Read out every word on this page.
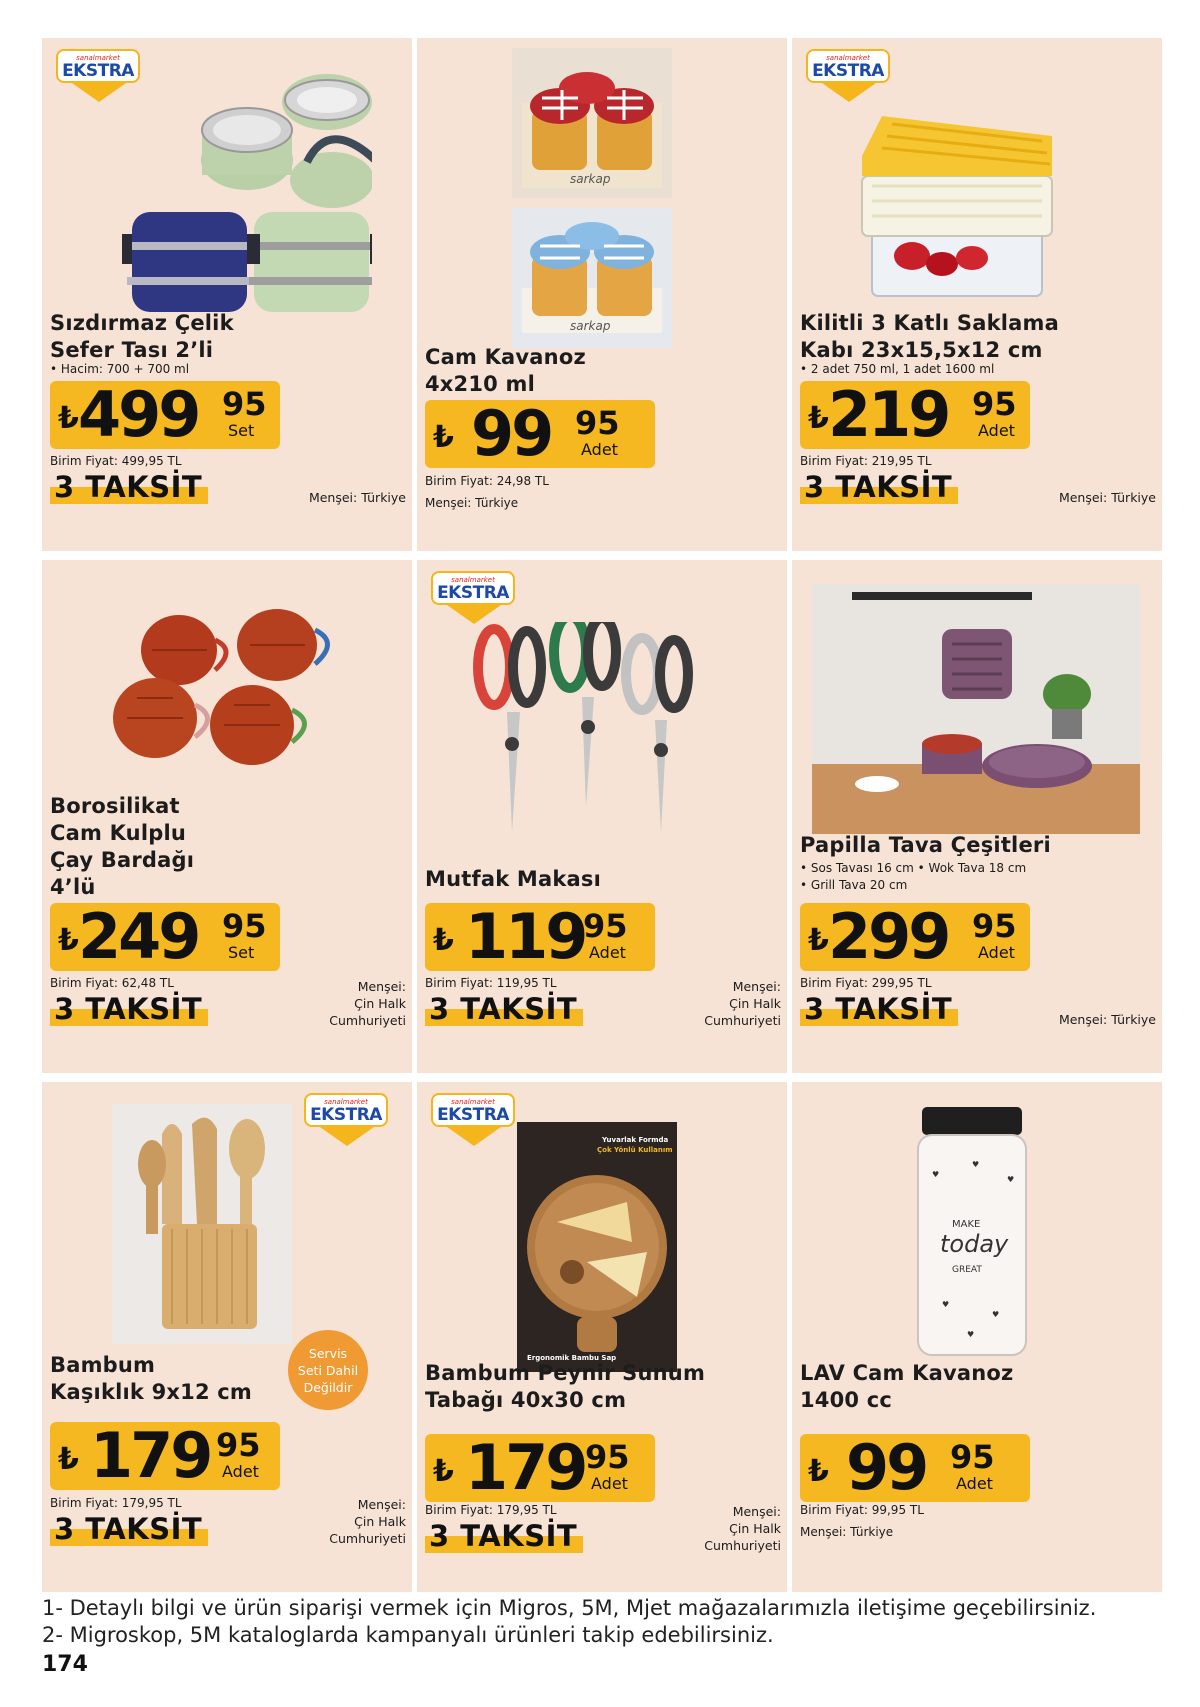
sanalmarket
EKSTRA
Sızdırmaz Çelik
Sefer Tası 2’li
• Hacim: 700 + 700 ml
₺ 499 95
Set
Birim Fiyat: 499,95 TL
3 TAKSİT	Menşei: Türkiye
sarkap
sarkap
Cam Kavanoz
4x210 ml
₺ 99 95
Adet
Birim Fiyat: 24,98 TL
Menşei: Türkiye
sanalmarket
EKSTRA
Kilitli 3 Katlı Saklama
Kabı 23x15,5x12 cm
• 2 adet 750 ml, 1 adet 1600 ml
₺ 219 95
Adet
Birim Fiyat: 219,95 TL
3 TAKSİT	Menşei: Türkiye
Borosilikat
Cam Kulplu
Çay Bardağı
4’lü
₺ 249 95
Set
Birim Fiyat: 62,48 TL
3 TAKSİT
Menşei:
Çin Halk
Cumhuriyeti
sanalmarket
EKSTRA
Mutfak Makası
₺ 119
95
Adet
Birim Fiyat: 119,95 TL
3 TAKSİT
Menşei:
Çin Halk
Cumhuriyeti
Papilla Tava Çeşitleri
• Sos Tavası 16 cm • Wok Tava 18 cm
• Grill Tava 20 cm
₺ 299 95
Adet
Birim Fiyat: 299,95 TL
3 TAKSİT	Menşei: Türkiye
sanalmarket
EKSTRA
Servis
Seti Dahil
Değildir
Bambum
Kaşıklık 9x12 cm
₺ 179 95
Adet
Birim Fiyat: 179,95 TL
3 TAKSİT
Menşei:
Çin Halk
Cumhuriyeti
sanalmarket
EKSTRA
Yuvarlak Formda
Çok Yönlü Kullanım
Ergonomik Bambu Sap
Bambum Peynir Sunum
Tabağı 40x30 cm
₺ 179 95
Adet
Birim Fiyat: 179,95 TL
3 TAKSİT
Menşei:
Çin Halk
Cumhuriyeti
MAKE
today
GREAT
♥
♥
♥
♥
♥
♥
LAV Cam Kavanoz
1400 cc
₺ 99 95
Adet
Birim Fiyat: 99,95 TL
Menşei: Türkiye
1- Detaylı bilgi ve ürün siparişi vermek için Migros, 5M, Mjet mağazalarımızla iletişime geçebilirsiniz.
2- Migroskop, 5M kataloglarda kampanyalı ürünleri takip edebilirsiniz.
174
